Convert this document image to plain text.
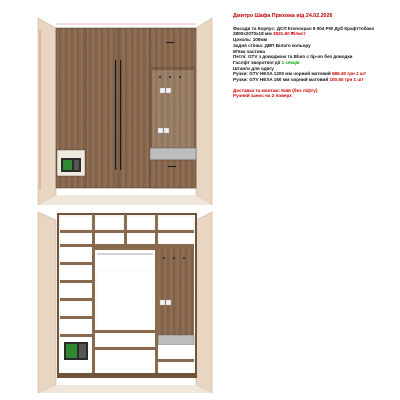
Дмитро Шафа Прихожа від 24.02.2026
Фасади та Корпус: ДСП Кronospan 8 004 PW Дуб Крафттобако
2800х2070х18 мм 3531.60 ₴/лист
Цоколь: 100мм
Задня стінка: ДВП Білого кольору
М'яка частина
Петлі: GTV з доводжою та Blum с tip-on без доводки
Гаслфт зворотної дії 1 секція
Штанги для одягу
Ручки: GTV HEXA 1200 мм чорний матовий 686.40 грн 2 шт
Ручки: GTV HEXA 160 мм чорний матовий 100.50 грн 1 шт
Доставка та монтаж: Київ (без ліфту)
Ручний занос на 2 поверх
